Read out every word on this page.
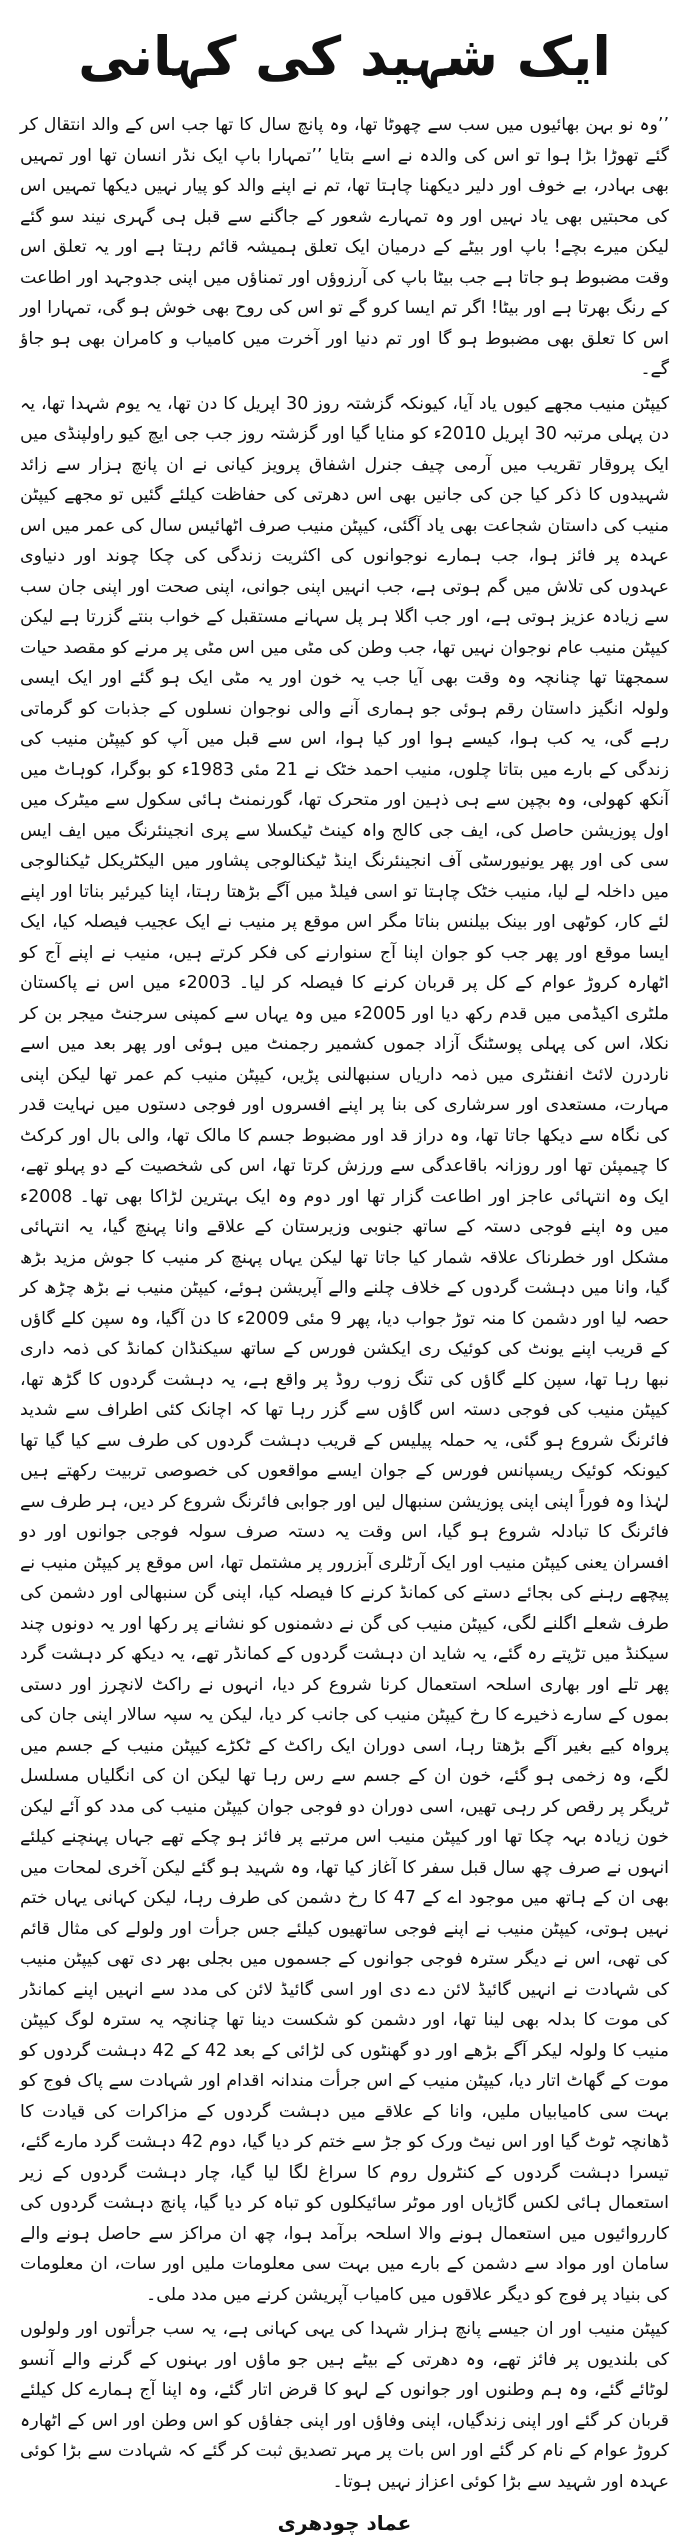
ایک شہید کی کہانی

’’وہ نو بہن بھائیوں میں سب سے چھوٹا تھا، وہ پانچ سال کا تھا جب اس کے والد انتقال کر گئے تھوڑا بڑا ہوا تو اس کی والدہ نے اسے بتایا ’’تمہارا باپ ایک نڈر انسان تھا اور تمہیں بھی بہادر، بے خوف اور دلیر دیکھنا چاہتا تھا، تم نے اپنے والد کو پیار نہیں دیکھا تمہیں اس کی محبتیں بھی یاد نہیں اور وہ تمہارے شعور کے جاگنے سے قبل ہی گہری نیند سو گئے لیکن میرے بچے! باپ اور بیٹے کے درمیان ایک تعلق ہمیشہ قائم رہتا ہے اور یہ تعلق اس وقت مضبوط ہو جاتا ہے جب بیٹا باپ کی آرزوؤں اور تمناؤں میں اپنی جدوجہد اور اطاعت کے رنگ بھرتا ہے اور بیٹا! اگر تم ایسا کرو گے تو اس کی روح بھی خوش ہو گی، تمہارا اور اس کا تعلق بھی مضبوط ہو گا اور تم دنیا اور آخرت میں کامیاب و کامران بھی ہو جاؤ گے۔

کیپٹن منیب مجھے کیوں یاد آیا، کیونکہ گزشتہ روز 30 اپریل کا دن تھا، یہ یوم شہدا تھا، یہ دن پہلی مرتبہ 30 اپریل 2010ء کو منایا گیا اور گزشتہ روز جب جی ایچ کیو راولپنڈی میں ایک پروقار تقریب میں آرمی چیف جنرل اشفاق پرویز کیانی نے ان پانچ ہزار سے زائد شہیدوں کا ذکر کیا جن کی جانیں بھی اس دھرتی کی حفاظت کیلئے گئیں تو مجھے کیپٹن منیب کی داستان شجاعت بھی یاد آگئی، کیپٹن منیب صرف اٹھائیس سال کی عمر میں اس عہدہ پر فائز ہوا، جب ہمارے نوجوانوں کی اکثریت زندگی کی چکا چوند اور دنیاوی عہدوں کی تلاش میں گم ہوتی ہے، جب انہیں اپنی جوانی، اپنی صحت اور اپنی جان سب سے زیادہ عزیز ہوتی ہے، اور جب اگلا ہر پل سہانے مستقبل کے خواب بنتے گزرتا ہے لیکن کیپٹن منیب عام نوجوان نہیں تھا، جب وطن کی مٹی میں اس مٹی پر مرنے کو مقصد حیات سمجھتا تھا چنانچہ وہ وقت بھی آیا جب یہ خون اور یہ مٹی ایک ہو گئے اور ایک ایسی ولولہ انگیز داستان رقم ہوئی جو ہماری آنے والی نوجوان نسلوں کے جذبات کو گرماتی رہے گی، یہ کب ہوا، کیسے ہوا اور کیا ہوا، اس سے قبل میں آپ کو کیپٹن منیب کی زندگی کے بارے میں بتاتا چلوں، منیب احمد خٹک نے 21 مئی 1983ء کو بوگرا، کوہاٹ میں آنکھ کھولی، وہ بچپن سے ہی ذہین اور متحرک تھا، گورنمنٹ ہائی سکول سے میٹرک میں اول پوزیشن حاصل کی، ایف جی کالج واہ کینٹ ٹیکسلا سے پری انجینئرنگ میں ایف ایس سی کی اور پھر یونیورسٹی آف انجینئرنگ اینڈ ٹیکنالوجی پشاور میں الیکٹریکل ٹیکنالوجی میں داخلہ لے لیا، منیب خٹک چاہتا تو اسی فیلڈ میں آگے بڑھتا رہتا، اپنا کیرئیر بناتا اور اپنے لئے کار، کوٹھی اور بینک بیلنس بناتا مگر اس موقع پر منیب نے ایک عجیب فیصلہ کیا، ایک ایسا موقع اور پھر جب کو جوان اپنا آج سنوارنے کی فکر کرتے ہیں، منیب نے اپنے آج کو اٹھارہ کروڑ عوام کے کل پر قربان کرنے کا فیصلہ کر لیا۔ 2003ء میں اس نے پاکستان ملٹری اکیڈمی میں قدم رکھ دیا اور 2005ء میں وہ یہاں سے کمپنی سرجنٹ میجر بن کر نکلا، اس کی پہلی پوسٹنگ آزاد جموں کشمیر رجمنٹ میں ہوئی اور پھر بعد میں اسے ناردرن لائٹ انفنٹری میں ذمہ داریاں سنبھالنی پڑیں، کیپٹن منیب کم عمر تھا لیکن اپنی مہارت، مستعدی اور سرشاری کی بنا پر اپنے افسروں اور فوجی دستوں میں نہایت قدر کی نگاہ سے دیکھا جاتا تھا، وہ دراز قد اور مضبوط جسم کا مالک تھا، والی بال اور کرکٹ کا چیمپئن تھا اور روزانہ باقاعدگی سے ورزش کرتا تھا، اس کی شخصیت کے دو پہلو تھے، ایک وہ انتہائی عاجز اور اطاعت گزار تھا اور دوم وہ ایک بہترین لڑاکا بھی تھا۔ 2008ء میں وہ اپنے فوجی دستہ کے ساتھ جنوبی وزیرستان کے علاقے وانا پہنچ گیا، یہ انتہائی مشکل اور خطرناک علاقہ شمار کیا جاتا تھا لیکن یہاں پہنچ کر منیب کا جوش مزید بڑھ گیا، وانا میں دہشت گردوں کے خلاف چلنے والے آپریشن ہوئے، کیپٹن منیب نے بڑھ چڑھ کر حصہ لیا اور دشمن کا منہ توڑ جواب دیا، پھر 9 مئی 2009ء کا دن آگیا، وہ سپن کلے گاؤں کے قریب اپنے یونٹ کی کوئیک ری ایکشن فورس کے ساتھ سیکنڈان کمانڈ کی ذمہ داری نبھا رہا تھا، سپن کلے گاؤں کی تنگ زوب روڈ پر واقع ہے، یہ دہشت گردوں کا گڑھ تھا، کیپٹن منیب کی فوجی دستہ اس گاؤں سے گزر رہا تھا کہ اچانک کئی اطراف سے شدید فائرنگ شروع ہو گئی، یہ حملہ پیلیس کے قریب دہشت گردوں کی طرف سے کیا گیا تھا کیونکہ کوئیک ریسپانس فورس کے جوان ایسے مواقعوں کی خصوصی تربیت رکھتے ہیں لہٰذا وہ فوراً اپنی اپنی پوزیشن سنبھال لیں اور جوابی فائرنگ شروع کر دیں، ہر طرف سے فائرنگ کا تبادلہ شروع ہو گیا، اس وقت یہ دستہ صرف سولہ فوجی جوانوں اور دو افسران یعنی کیپٹن منیب اور ایک آرٹلری آبزرور پر مشتمل تھا، اس موقع پر کیپٹن منیب نے پیچھے رہنے کی بجائے دستے کی کمانڈ کرنے کا فیصلہ کیا، اپنی گن سنبھالی اور دشمن کی طرف شعلے اگلنے لگی، کیپٹن منیب کی گن نے دشمنوں کو نشانے پر رکھا اور یہ دونوں چند سیکنڈ میں تڑپتے رہ گئے، یہ شاید ان دہشت گردوں کے کمانڈر تھے، یہ دیکھ کر دہشت گرد پھر تلے اور بھاری اسلحہ استعمال کرنا شروع کر دیا، انہوں نے راکٹ لانچرز اور دستی بموں کے سارے ذخیرے کا رخ کیپٹن منیب کی جانب کر دیا، لیکن یہ سپہ سالار اپنی جان کی پرواہ کیے بغیر آگے بڑھتا رہا، اسی دوران ایک راکٹ کے ٹکڑے کیپٹن منیب کے جسم میں لگے، وہ زخمی ہو گئے، خون ان کے جسم سے رس رہا تھا لیکن ان کی انگلیاں مسلسل ٹریگر پر رقص کر رہی تھیں، اسی دوران دو فوجی جوان کیپٹن منیب کی مدد کو آئے لیکن خون زیادہ بہہ چکا تھا اور کیپٹن منیب اس مرتبے پر فائز ہو چکے تھے جہاں پہنچنے کیلئے انہوں نے صرف چھ سال قبل سفر کا آغاز کیا تھا، وہ شہید ہو گئے لیکن آخری لمحات میں بھی ان کے ہاتھ میں موجود اے کے 47 کا رخ دشمن کی طرف رہا، لیکن کہانی یہاں ختم نہیں ہوتی، کیپٹن منیب نے اپنے فوجی ساتھیوں کیلئے جس جرأت اور ولولے کی مثال قائم کی تھی، اس نے دیگر سترہ فوجی جوانوں کے جسموں میں بجلی بھر دی تھی کیپٹن منیب کی شہادت نے انہیں گائیڈ لائن دے دی اور اسی گائیڈ لائن کی مدد سے انہیں اپنے کمانڈر کی موت کا بدلہ بھی لینا تھا، اور دشمن کو شکست دینا تھا چنانچہ یہ سترہ لوگ کیپٹن منیب کا ولولہ لیکر آگے بڑھے اور دو گھنٹوں کی لڑائی کے بعد 42 کے 42 دہشت گردوں کو موت کے گھاٹ اتار دیا، کیپٹن منیب کے اس جرأت مندانہ اقدام اور شہادت سے پاک فوج کو بہت سی کامیابیاں ملیں، وانا کے علاقے میں دہشت گردوں کے مزاکرات کی قیادت کا ڈھانچہ ٹوٹ گیا اور اس نیٹ ورک کو جڑ سے ختم کر دیا گیا، دوم 42 دہشت گرد مارے گئے، تیسرا دہشت گردوں کے کنٹرول روم کا سراغ لگا لیا گیا، چار دہشت گردوں کے زیر استعمال ہائی لکس گاڑیاں اور موٹر سائیکلوں کو تباہ کر دیا گیا، پانچ دہشت گردوں کی کارروائیوں میں استعمال ہونے والا اسلحہ برآمد ہوا، چھ ان مراکز سے حاصل ہونے والے سامان اور مواد سے دشمن کے بارے میں بہت سی معلومات ملیں اور سات، ان معلومات کی بنیاد پر فوج کو دیگر علاقوں میں کامیاب آپریشن کرنے میں مدد ملی۔

کیپٹن منیب اور ان جیسے پانچ ہزار شہدا کی یہی کہانی ہے، یہ سب جرأتوں اور ولولوں کی بلندیوں پر فائز تھے، وہ دھرتی کے بیٹے ہیں جو ماؤں اور بہنوں کے گرنے والے آنسو لوٹائے گئے، وہ ہم وطنوں اور جوانوں کے لہو کا قرض اتار گئے، وہ اپنا آج ہمارے کل کیلئے قربان کر گئے اور اپنی زندگیاں، اپنی وفاؤں اور اپنی جفاؤں کو اس وطن اور اس کے اٹھارہ کروڑ عوام کے نام کر گئے اور اس بات پر مہر تصدیق ثبت کر گئے کہ شہادت سے بڑا کوئی عہدہ اور شہید سے بڑا کوئی اعزاز نہیں ہوتا۔

عماد چودھری
